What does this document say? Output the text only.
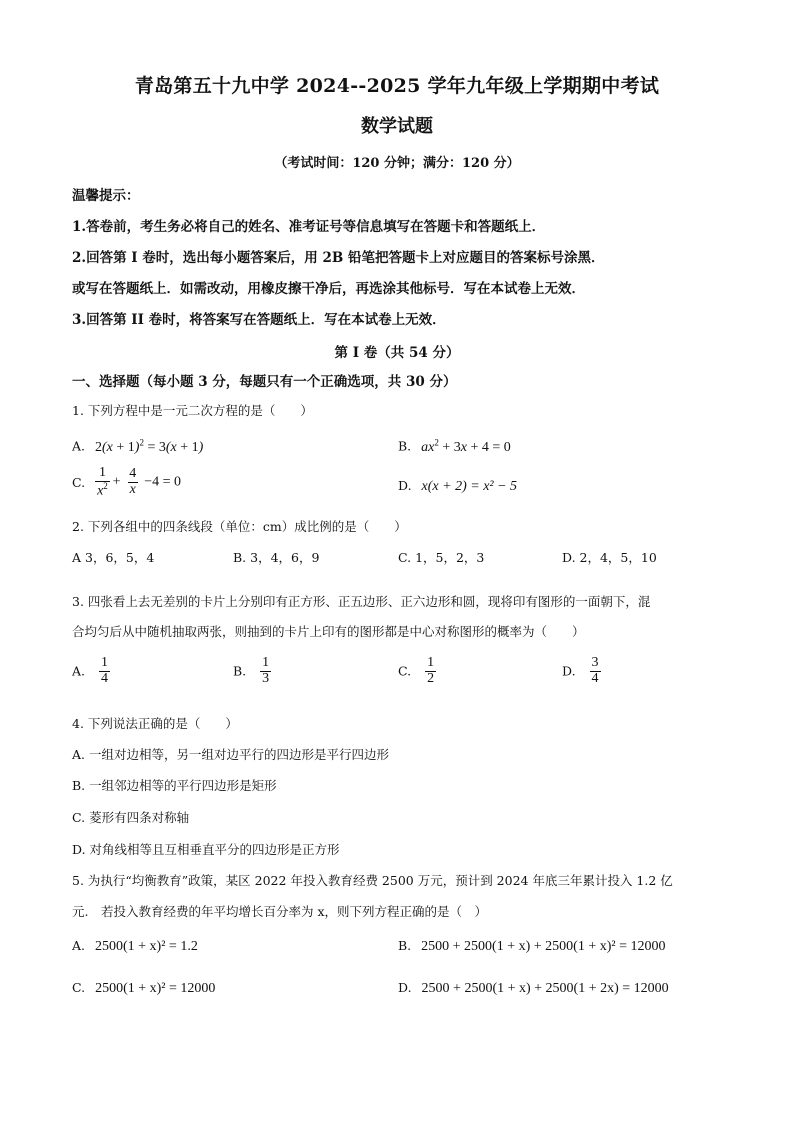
青岛第五十九中学 2024--2025 学年九年级上学期期中考试
数学试题
（考试时间：120 分钟；满分：120 分）
温馨提示：
1.答卷前，考生务必将自己的姓名、准考证号等信息填写在答题卡和答题纸上．
2.回答第 I 卷时，选出每小题答案后，用 2B 铅笔把答题卡上对应题目的答案标号涂黑．
或写在答题纸上．如需改动，用橡皮擦干净后，再选涂其他标号．写在本试卷上无效．
3.回答第 II 卷时，将答案写在答题纸上．写在本试卷上无效．
第 I 卷（共 54 分）
一、选择题（每小题 3 分，每题只有一个正确选项，共 30 分）
1. 下列方程中是一元二次方程的是（　　）
A. $2(x + 1)^2 = 3(x + 1)$	B. $ax^2 + 3x + 4 = 0$
C. $\frac{1}{x^2} + \frac{4}{x} -4 = 0$	D. x(x + 2) = x² − 5
2. 下列各组中的四条线段（单位：cm）成比例的是（　　）
A 3，6，5，4	B. 3，4，6，9	C. 1，5，2，3	D. 2，4，5，10
3. 四张看上去无差别的卡片上分别印有正方形、正五边形、正六边形和圆，现将印有图形的一面朝下，混
合均匀后从中随机抽取两张，则抽到的卡片上印有的图形都是中心对称图形的概率为（　　）
A. $\frac{1}{4}$	B. $\frac{1}{3}$	C. $\frac{1}{2}$	D. $\frac{3}{4}$
4. 下列说法正确的是（　　）
A. 一组对边相等，另一组对边平行的四边形是平行四边形
B. 一组邻边相等的平行四边形是矩形
C. 菱形有四条对称轴
D. 对角线相等且互相垂直平分的四边形是正方形
5. 为执行“均衡教育”政策，某区 2022 年投入教育经费 2500 万元，预计到 2024 年底三年累计投入 1.2 亿
元.　若投入教育经费的年平均增长百分率为 x，则下列方程正确的是（　）
A. 2500(1 + x)² = 1.2	B. 2500 + 2500(1 + x) + 2500(1 + x)² = 12000
C. 2500(1 + x)² = 12000	D. 2500 + 2500(1 + x) + 2500(1 + 2x) = 12000
